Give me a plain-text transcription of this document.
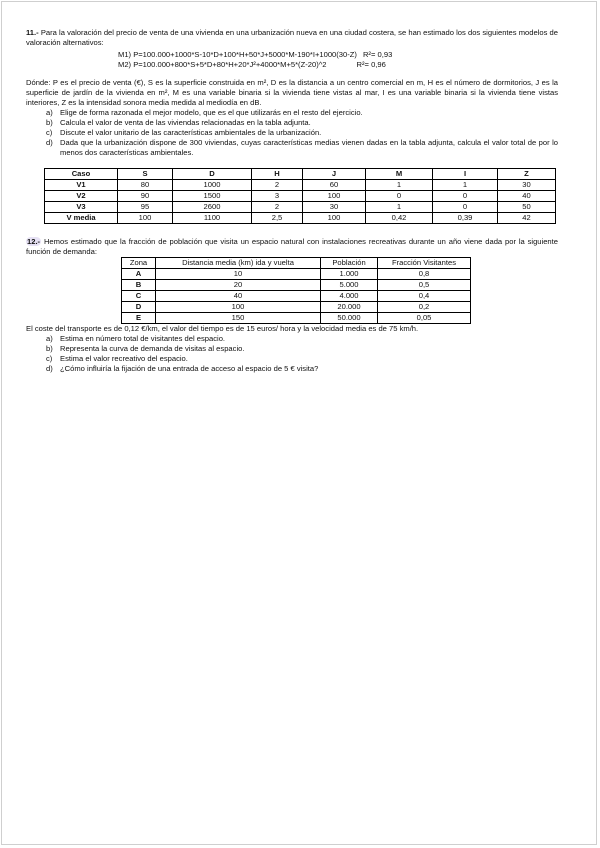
11.- Para la valoración del precio de venta de una vivienda en una urbanización nueva en una ciudad costera, se han estimado los dos siguientes modelos de valoración alternativos:

M1) P=100.000+1000*S-10*D+100*H+50*J+5000*M-190*I+1000(30-Z) R²= 0,93
M2) P=100.000+800*S+5*D+80*H+20*J²+4000*M+5*(Z-20)^2	R²= 0,96

Dónde: P es el precio de venta (€), S es la superficie construida en m², D es la distancia a un centro comercial en m, H es el número de dormitorios, J es la superficie de jardín de la vivienda en m², M es una variable binaria si la vivienda tiene vistas al mar, I es una variable binaria si la vivienda tiene vistas interiores, Z es la intensidad sonora media medida al mediodía en dB.

a) Elige de forma razonada el mejor modelo, que es el que utilizarás en el resto del ejercicio.
b) Calcula el valor de venta de las viviendas relacionadas en la tabla adjunta.
c)	Discute el valor unitario de las características ambientales de la urbanización.
d) Dada que la urbanización dispone de 300 viviendas, cuyas características medias vienen dadas en la tabla adjunta, calcula el valor total de por lo menos dos características ambientales.
Caso	S	D	H	J	M	I	Z
V1	80	1000	2	60	1	1	30
V2	90	1500	3	100	0	0	40
V3	95	2600	2	30	1	0	50
V media	100	1100	2,5	100	0,42	0,39	42

12.- Hemos estimado que la fracción de población que visita un espacio natural con instalaciones recreativas durante un año viene dada por la siguiente función de demanda:

Zona	Distancia media (km) ida y vuelta	Población	Fracción Visitantes
A	10	1.000	0,8
B	20	5.000	0,5
C	40	4.000	0,4
D	100	20.000	0,2
E	150	50.000	0,05

El coste del transporte es de 0,12 €/km, el valor del tiempo es de 15 euros/ hora y la velocidad media es de 75 km/h.

a) Estima en número total de visitantes del espacio.
b) Representa la curva de demanda de visitas al espacio.
c)	Estima el valor recreativo del espacio.
d) ¿Cómo influiría la fijación de una entrada de acceso al espacio de 5 € visita?
